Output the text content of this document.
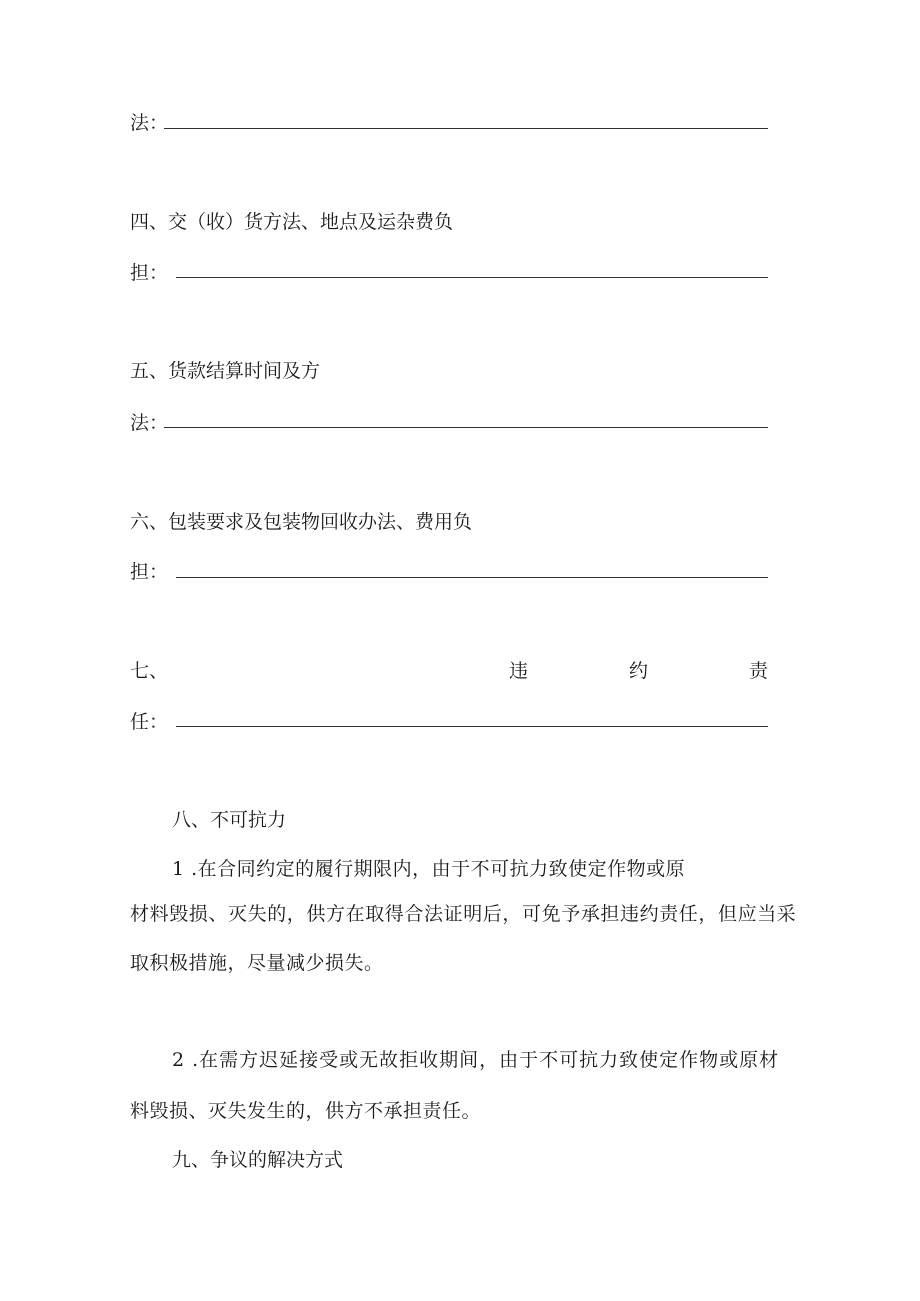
法：
四、交（收）货方法、地点及运杂费负
担：
五、货款结算时间及方
法：
六、包装要求及包装物回收办法、费用负
担：
七、	违	约	责
任：
八、不可抗力
1 .在合同约定的履行期限内，由于不可抗力致使定作物或原
材料毁损、灭失的，供方在取得合法证明后，可免予承担违约责任，但应当采
取积极措施，尽量减少损失。
2 .在需方迟延接受或无故拒收期间，由于不可抗力致使定作物或原材
料毁损、灭失发生的，供方不承担责任。
九、争议的解决方式
